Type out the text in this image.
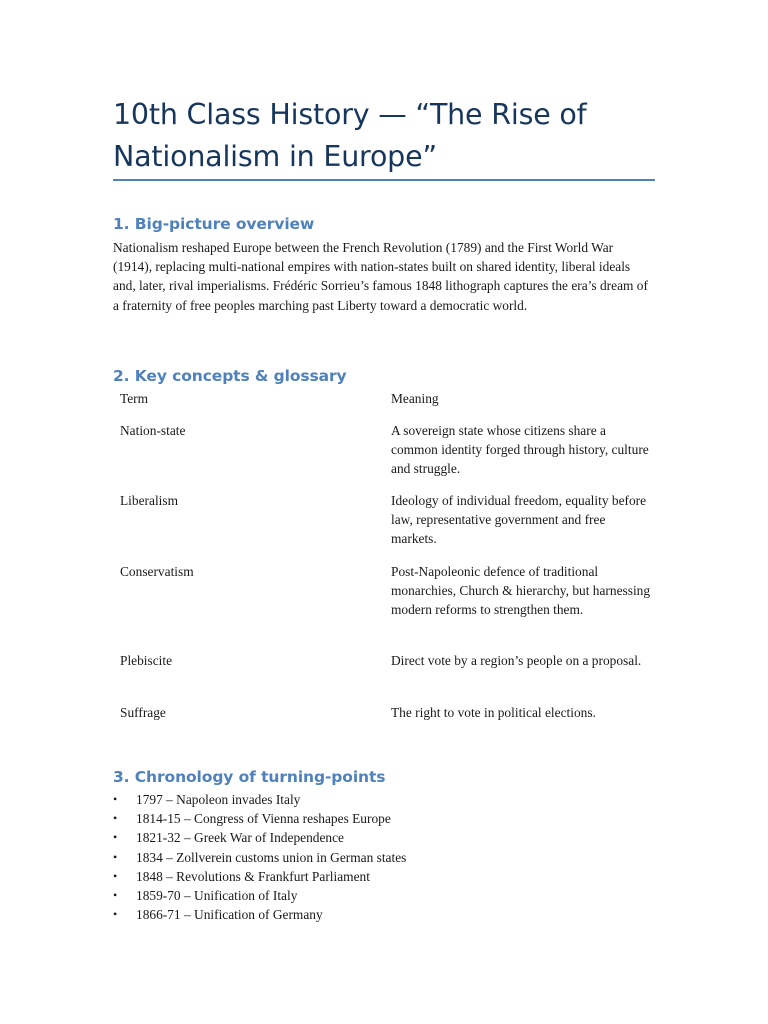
10th Class History — “The Rise of Nationalism in Europe”
1. Big-picture overview

Nationalism reshaped Europe between the French Revolution (1789) and the First World War (1914), replacing multi-national empires with nation-states built on shared identity, liberal ideals and, later, rival imperialisms. Frédéric Sorrieu’s famous 1848 lithograph captures the era’s dream of a fraternity of free peoples marching past Liberty toward a democratic world.

2. Key concepts & glossary
Term	Meaning
Nation-state	A sovereign state whose citizens share a common identity forged through history, culture and struggle.
Liberalism	Ideology of individual freedom, equality before law, representative government and free markets.
Conservatism	Post-Napoleonic defence of traditional monarchies, Church & hierarchy, but harnessing modern reforms to strengthen them.
Plebiscite	Direct vote by a region’s people on a proposal.
Suffrage	The right to vote in political elections.
3. Chronology of turning-points
•	1797 – Napoleon invades Italy
•	1814-15 – Congress of Vienna reshapes Europe
•	1821-32 – Greek War of Independence
•	1834 – Zollverein customs union in German states
•	1848 – Revolutions & Frankfurt Parliament
•	1859-70 – Unification of Italy
•	1866-71 – Unification of Germany
